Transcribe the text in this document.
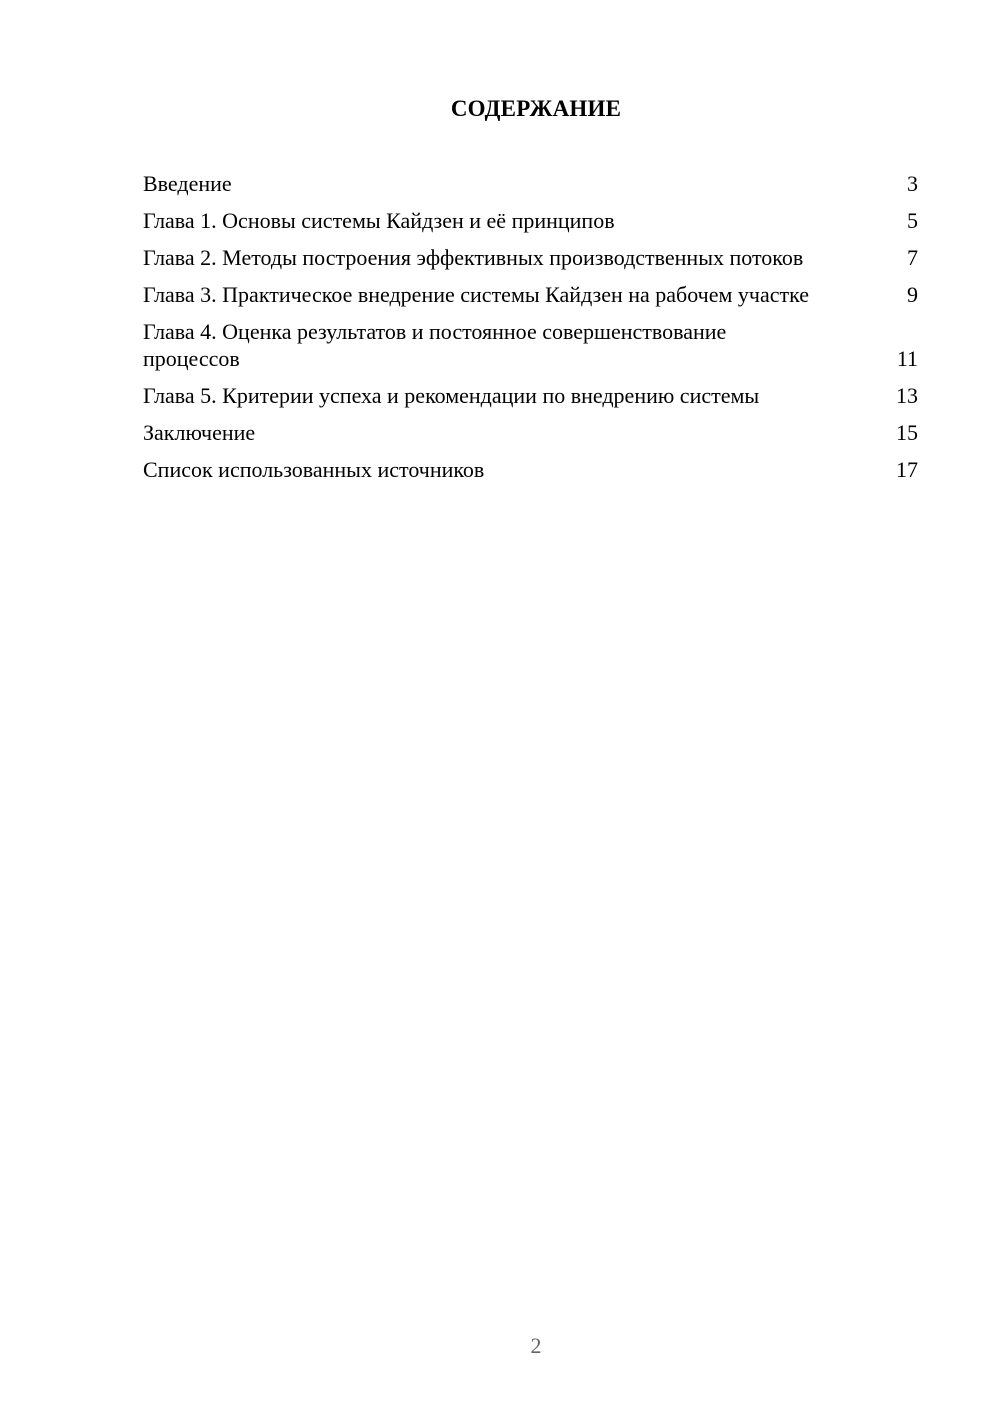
СОДЕРЖАНИЕ
Введение	3
Глава 1. Основы системы Кайдзен и её принципов	5
Глава 2. Методы построения эффективных производственных потоков	7
Глава 3. Практическое внедрение системы Кайдзен на рабочем участке	9
Глава 4. Оценка результатов и постоянное совершенствование процессов	11
Глава 5. Критерии успеха и рекомендации по внедрению системы	13
Заключение	15
Список использованных источников	17
2
